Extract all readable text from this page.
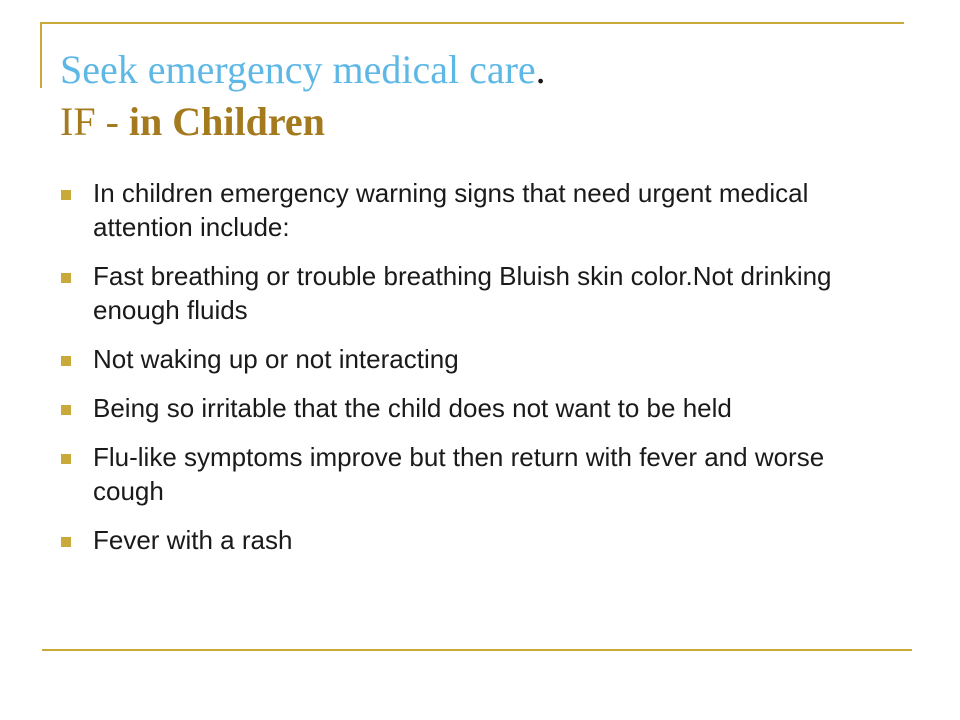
Seek emergency medical care.
IF - in Children
In children emergency warning signs that need urgent medical attention include:
Fast breathing or trouble breathing Bluish skin color.Not drinking enough fluids
Not waking up or not interacting
Being so irritable that the child does not want to be held
Flu-like symptoms improve but then return with fever and worse cough
Fever with a rash
